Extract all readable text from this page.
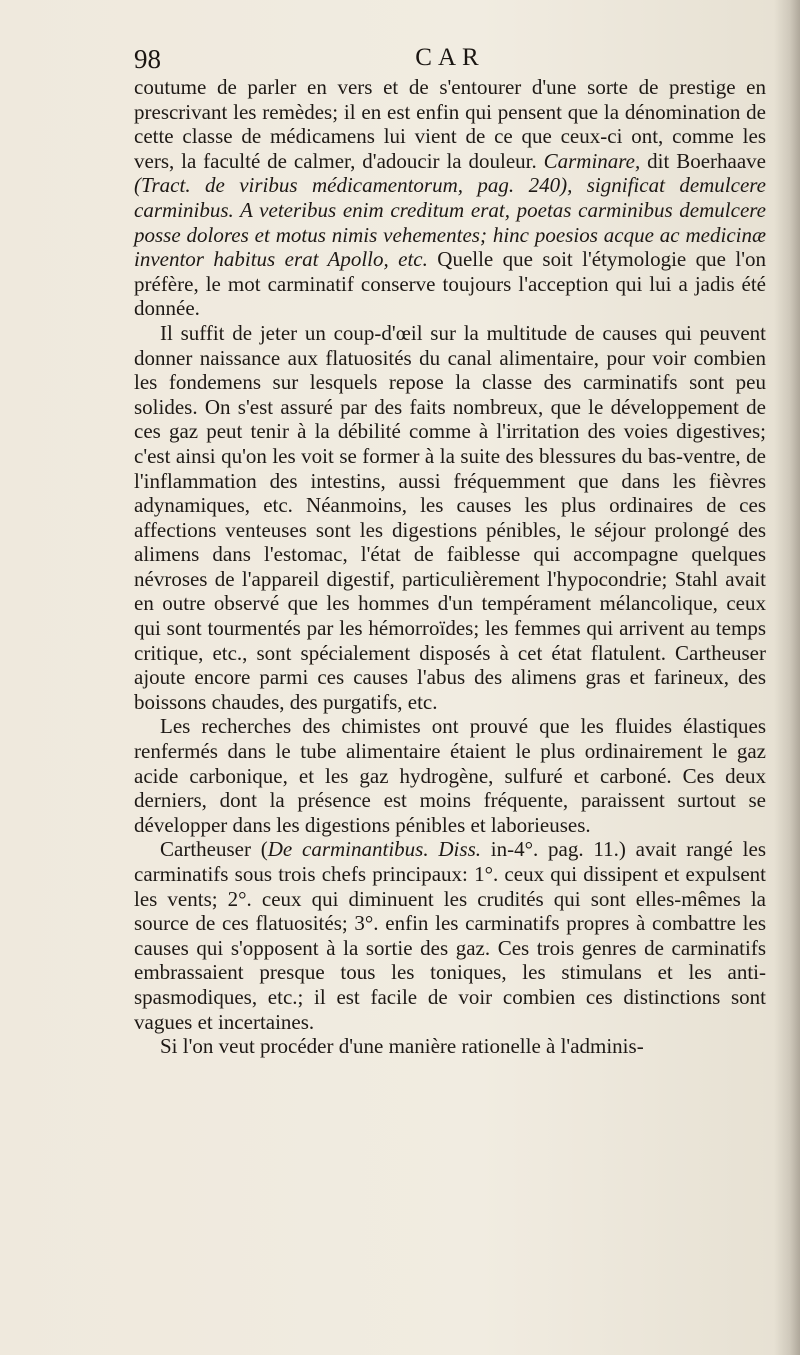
98	CAR

coutume de parler en vers et de s'entourer d'une sorte de prestige en prescrivant les remèdes; il en est enfin qui pensent que la dénomination de cette classe de médicamens lui vient de ce que ceux-ci ont, comme les vers, la faculté de calmer, d'adoucir la douleur. Carminare, dit Boerhaave (Tract. de viribus médicamentorum, pag. 240), significat demulcere carminibus. A veteribus enim creditum erat, poetas carminibus demulcere posse dolores et motus nimis vehementes; hinc poesios acque ac medicinæ inventor habitus erat Apollo, etc. Quelle que soit l'étymologie que l'on préfère, le mot carminatif conserve toujours l'acception qui lui a jadis été donnée.

Il suffit de jeter un coup-d'œil sur la multitude de causes qui peuvent donner naissance aux flatuosités du canal alimentaire, pour voir combien les fondemens sur lesquels repose la classe des carminatifs sont peu solides. On s'est assuré par des faits nombreux, que le développement de ces gaz peut tenir à la débilité comme à l'irritation des voies digestives; c'est ainsi qu'on les voit se former à la suite des blessures du bas-ventre, de l'inflammation des intestins, aussi fréquemment que dans les fièvres adynamiques, etc. Néanmoins, les causes les plus ordinaires de ces affections venteuses sont les digestions pénibles, le séjour prolongé des alimens dans l'estomac, l'état de faiblesse qui accompagne quelques névroses de l'appareil digestif, particulièrement l'hypocondrie; Stahl avait en outre observé que les hommes d'un tempérament mélancolique, ceux qui sont tourmentés par les hémorroïdes; les femmes qui arrivent au temps critique, etc., sont spécialement disposés à cet état flatulent. Cartheuser ajoute encore parmi ces causes l'abus des alimens gras et farineux, des boissons chaudes, des purgatifs, etc.

Les recherches des chimistes ont prouvé que les fluides élastiques renfermés dans le tube alimentaire étaient le plus ordinairement le gaz acide carbonique, et les gaz hydrogène, sulfuré et carboné. Ces deux derniers, dont la présence est moins fréquente, paraissent surtout se développer dans les digestions pénibles et laborieuses.

Cartheuser (De carminantibus. Diss. in-4°. pag. 11.) avait rangé les carminatifs sous trois chefs principaux: 1°. ceux qui dissipent et expulsent les vents; 2°. ceux qui diminuent les crudités qui sont elles-mêmes la source de ces flatuosités; 3°. enfin les carminatifs propres à combattre les causes qui s'opposent à la sortie des gaz. Ces trois genres de carminatifs embrassaient presque tous les toniques, les stimulans et les anti-spasmodiques, etc.; il est facile de voir combien ces distinctions sont vagues et incertaines.

Si l'on veut procéder d'une manière rationelle à l'adminis-
